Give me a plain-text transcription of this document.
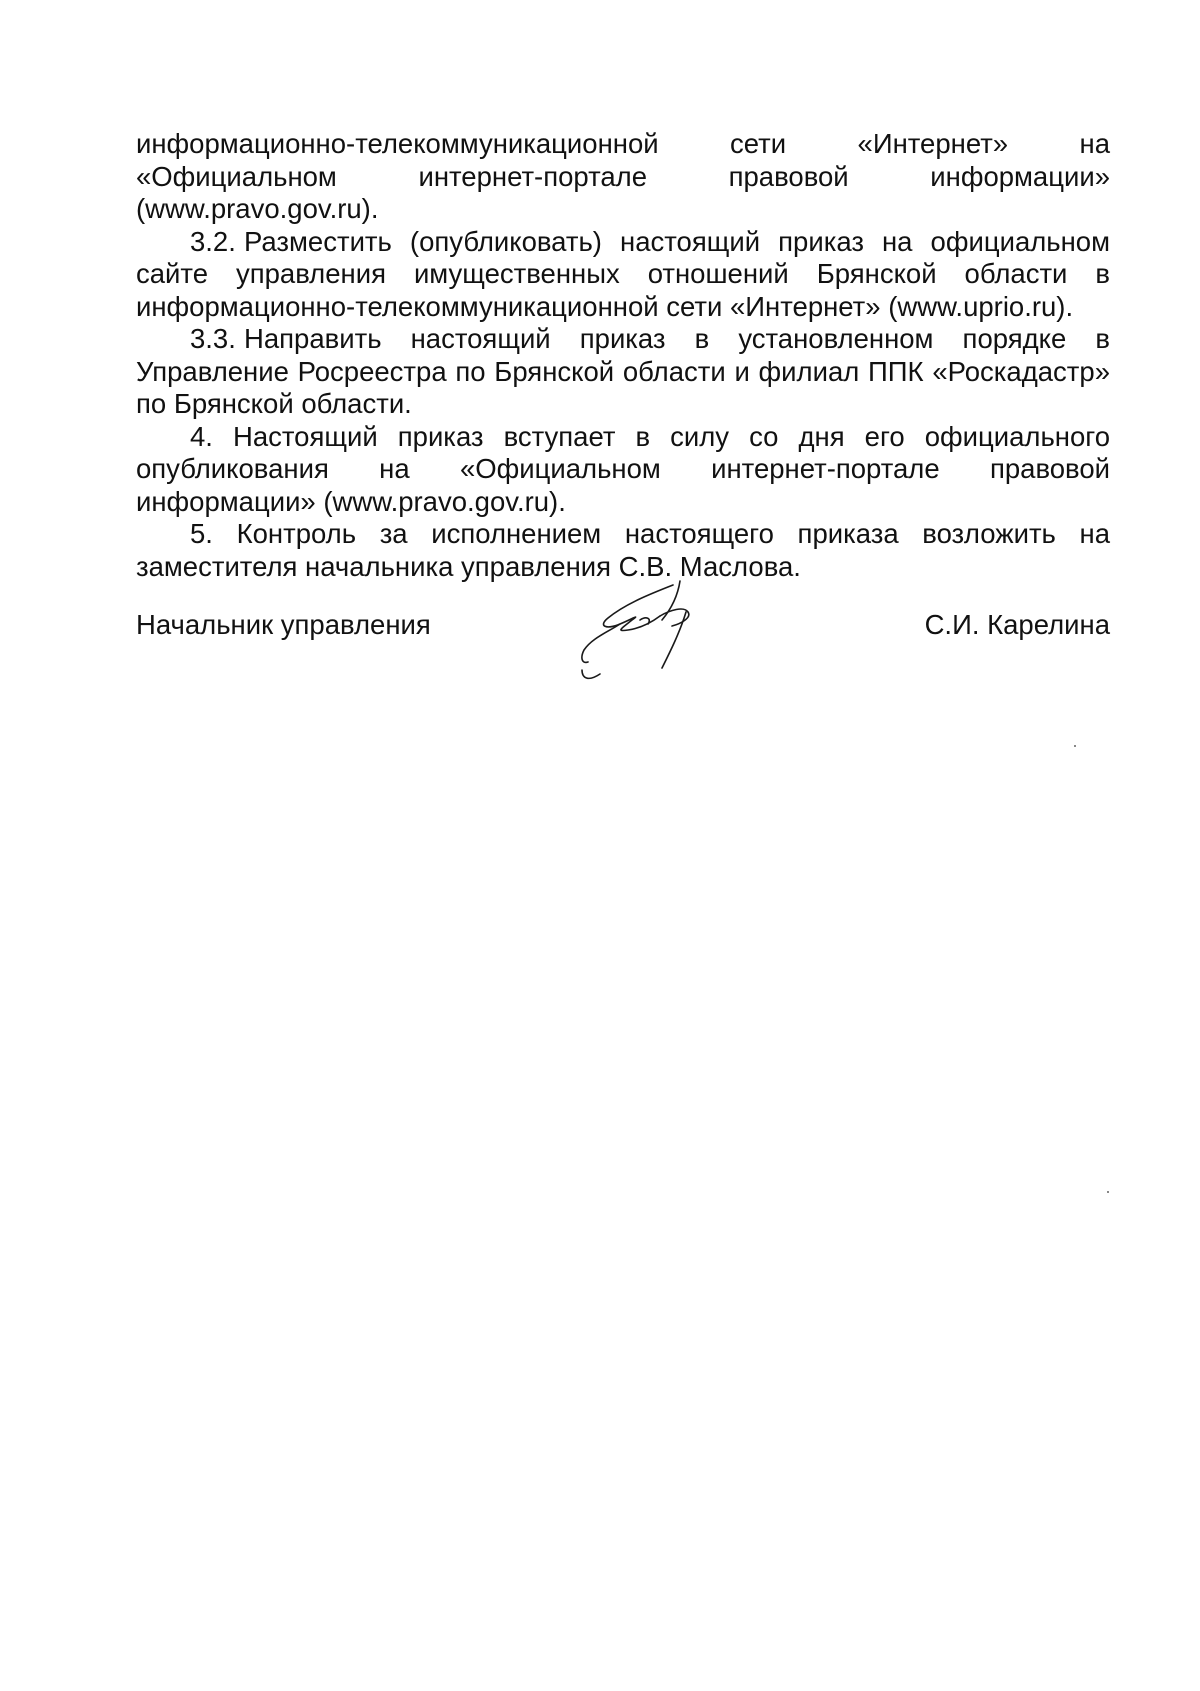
информационно-телекоммуникационной сети «Интернет» на «Официальном интернет-портале правовой информации» (www.pravo.gov.ru).

3.2. Разместить (опубликовать) настоящий приказ на официальном сайте управления имущественных отношений Брянской области в информационно-телекоммуникационной сети «Интернет» (www.uprio.ru).

3.3. Направить настоящий приказ в установленном порядке в Управление Росреестра по Брянской области и филиал ППК «Роскадастр» по Брянской области.

4. Настоящий приказ вступает в силу со дня его официального опубликования на «Официальном интернет-портале правовой информации» (www.pravo.gov.ru).

5. Контроль за исполнением настоящего приказа возложить на заместителя начальника управления С.В. Маслова.

Начальник управления	С.И. Карелина
